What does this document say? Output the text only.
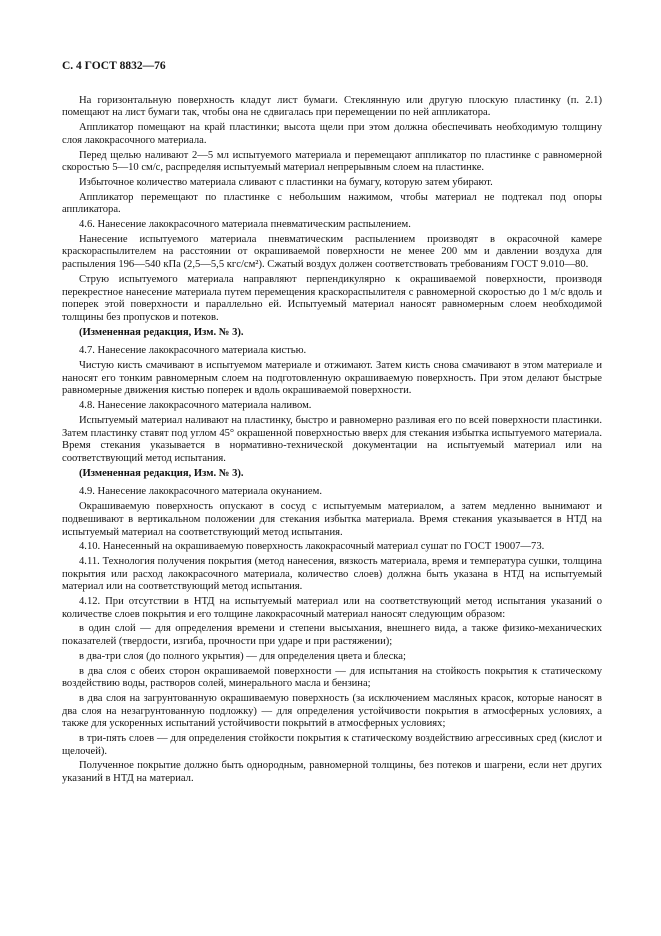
С. 4 ГОСТ 8832—76

На горизонтальную поверхность кладут лист бумаги. Стеклянную или другую плоскую пластинку (п. 2.1) помещают на лист бумаги так, чтобы она не сдвигалась при перемещении по ней аппликатора.

Аппликатор помещают на край пластинки; высота щели при этом должна обеспечивать необходимую толщину слоя лакокрасочного материала.

Перед щелью наливают 2—5 мл испытуемого материала и перемещают аппликатор по пластинке с равномерной скоростью 5—10 см/с, распределяя испытуемый материал непрерывным слоем на пластинке.

Избыточное количество материала сливают с пластинки на бумагу, которую затем убирают.

Аппликатор перемещают по пластинке с небольшим нажимом, чтобы материал не подтекал под опоры аппликатора.

4.6. Нанесение лакокрасочного материала пневматическим распылением.

Нанесение испытуемого материала пневматическим распылением производят в окрасочной камере краскораспылителем на расстоянии от окрашиваемой поверхности не менее 200 мм и давлении воздуха для распыления 196—540 кПа (2,5—5,5 кгс/см²). Сжатый воздух должен соответствовать требованиям ГОСТ 9.010—80.

Струю испытуемого материала направляют перпендикулярно к окрашиваемой поверхности, производя перекрестное нанесение материала путем перемещения краскораспылителя с равномерной скоростью до 1 м/с вдоль и поперек этой поверхности и параллельно ей. Испытуемый материал наносят равномерным слоем необходимой толщины без пропусков и потеков.

(Измененная редакция, Изм. № 3).

4.7. Нанесение лакокрасочного материала кистью.

Чистую кисть смачивают в испытуемом материале и отжимают. Затем кисть снова смачивают в этом материале и наносят его тонким равномерным слоем на подготовленную окрашиваемую поверхность. При этом делают быстрые равномерные движения кистью поперек и вдоль окрашиваемой поверхности.

4.8. Нанесение лакокрасочного материала наливом.

Испытуемый материал наливают на пластинку, быстро и равномерно разливая его по всей поверхности пластинки. Затем пластинку ставят под углом 45° окрашенной поверхностью вверх для стекания избытка испытуемого материала. Время стекания указывается в нормативно-технической документации на испытуемый материал или на соответствующий метод испытания.

(Измененная редакция, Изм. № 3).

4.9. Нанесение лакокрасочного материала окунанием.

Окрашиваемую поверхность опускают в сосуд с испытуемым материалом, а затем медленно вынимают и подвешивают в вертикальном положении для стекания избытка материала. Время стекания указывается в НТД на испытуемый материал на соответствующий метод испытания.

4.10. Нанесенный на окрашиваемую поверхность лакокрасочный материал сушат по ГОСТ 19007—73.

4.11. Технология получения покрытия (метод нанесения, вязкость материала, время и температура сушки, толщина покрытия или расход лакокрасочного материала, количество слоев) должна быть указана в НТД на испытуемый материал или на соответствующий метод испытания.

4.12. При отсутствии в НТД на испытуемый материал или на соответствующий метод испытания указаний о количестве слоев покрытия и его толщине лакокрасочный материал наносят следующим образом:

в один слой — для определения времени и степени высыхания, внешнего вида, а также физико-механических показателей (твердости, изгиба, прочности при ударе и при растяжении);

в два-три слоя (до полного укрытия) — для определения цвета и блеска;

в два слоя с обеих сторон окрашиваемой поверхности — для испытания на стойкость покрытия к статическому воздействию воды, растворов солей, минерального масла и бензина;

в два слоя на загрунтованную окрашиваемую поверхность (за исключением масляных красок, которые наносят в два слоя на незагрунтованную подложку) — для определения устойчивости покрытия в атмосферных условиях, а также для ускоренных испытаний устойчивости покрытий в атмосферных условиях;

в три-пять слоев — для определения стойкости покрытия к статическому воздействию агрессивных сред (кислот и щелочей).

Полученное покрытие должно быть однородным, равномерной толщины, без потеков и шагрени, если нет других указаний в НТД на материал.
